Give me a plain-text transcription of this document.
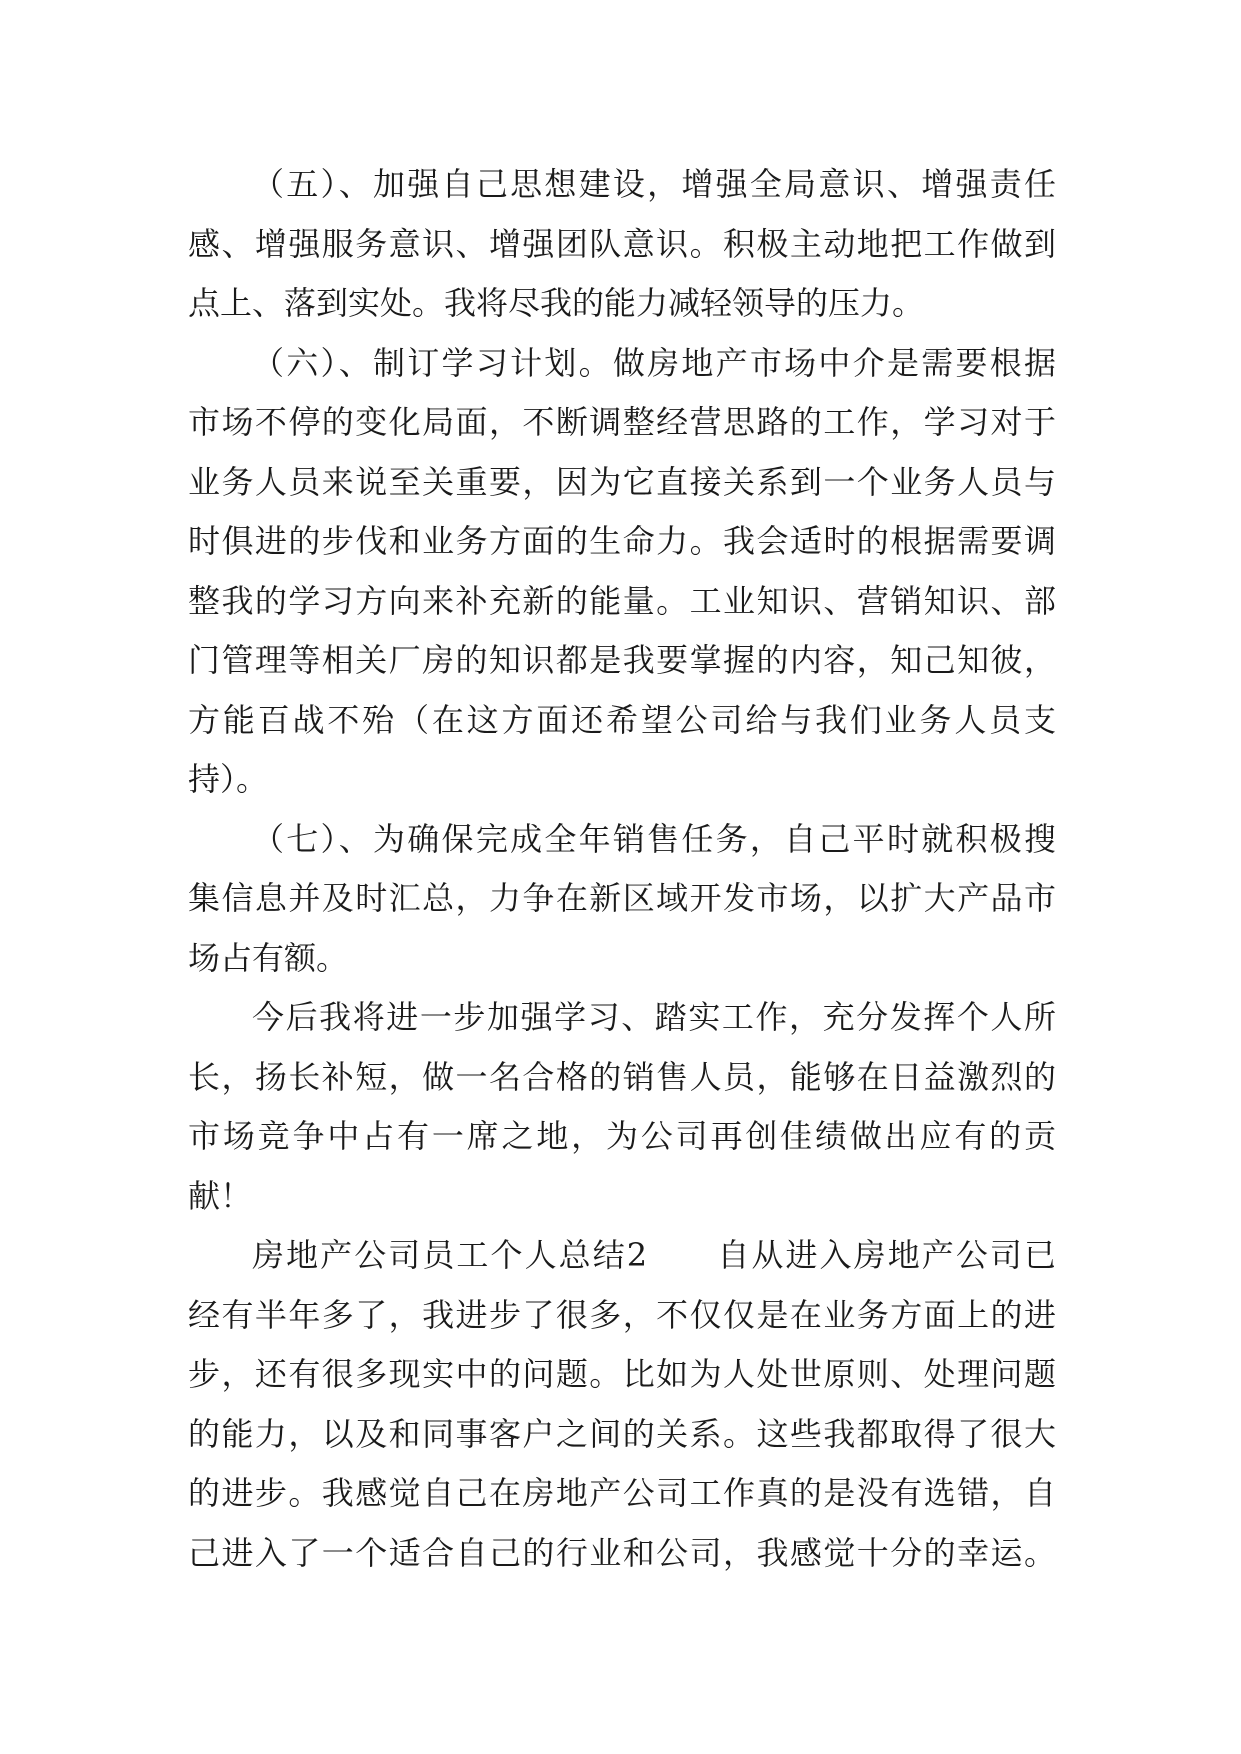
（五）、加强自己思想建设，增强全局意识、增强责任
感、增强服务意识、增强团队意识。积极主动地把工作做到
点上、落到实处。我将尽我的能力减轻领导的压力。
（六）、制订学习计划。做房地产市场中介是需要根据
市场不停的变化局面，不断调整经营思路的工作，学习对于
业务人员来说至关重要，因为它直接关系到一个业务人员与
时俱进的步伐和业务方面的生命力。我会适时的根据需要调
整我的学习方向来补充新的能量。工业知识、营销知识、部
门管理等相关厂房的知识都是我要掌握的内容，知己知彼，
方能百战不殆（在这方面还希望公司给与我们业务人员支
持）。
（七）、为确保完成全年销售任务，自己平时就积极搜
集信息并及时汇总，力争在新区域开发市场，以扩大产品市
场占有额。
今后我将进一步加强学习、踏实工作，充分发挥个人所
长，扬长补短，做一名合格的销售人员，能够在日益激烈的
市场竞争中占有一席之地，为公司再创佳绩做出应有的贡
献！
房地产公司员工个人总结2　　自从进入房地产公司已
经有半年多了，我进步了很多，不仅仅是在业务方面上的进
步，还有很多现实中的问题。比如为人处世原则、处理问题
的能力，以及和同事客户之间的关系。这些我都取得了很大
的进步。我感觉自己在房地产公司工作真的是没有选错，自
己进入了一个适合自己的行业和公司，我感觉十分的幸运。
